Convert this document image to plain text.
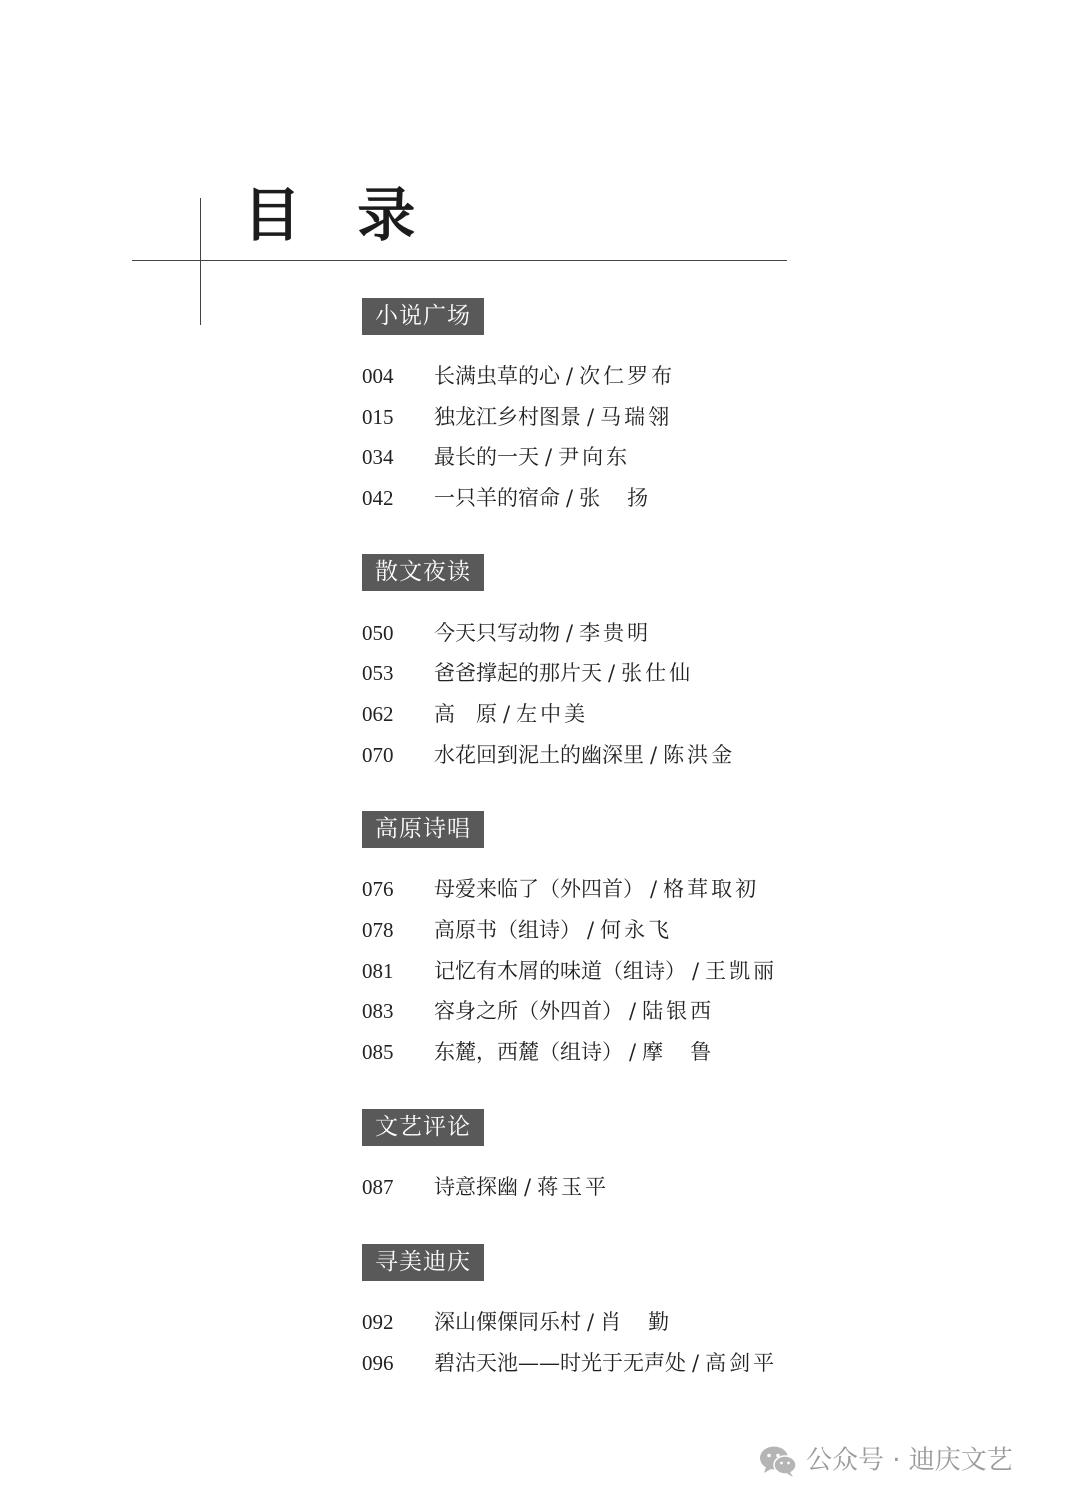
目 录
小说广场
004 长满虫草的心 / 次仁罗布
015 独龙江乡村图景 / 马瑞翎
034 最长的一天 / 尹向东
042 一只羊的宿命 / 张　扬
散文夜读
050 今天只写动物 / 李贵明
053 爸爸撑起的那片天 / 张仕仙
062 高　原 / 左中美
070 水花回到泥土的幽深里 / 陈洪金
高原诗唱
076 母爱来临了（外四首） / 格茸取初
078 高原书（组诗） / 何永飞
081 记忆有木屑的味道（组诗） / 王凯丽
083 容身之所（外四首） / 陆银西
085 东麓，西麓（组诗） / 摩　鲁
文艺评论
087 诗意探幽 / 蒋玉平
寻美迪庆
092 深山傈傈同乐村 / 肖　勤
096 碧沽天池——时光于无声处 / 高剑平
公众号 · 迪庆文艺
